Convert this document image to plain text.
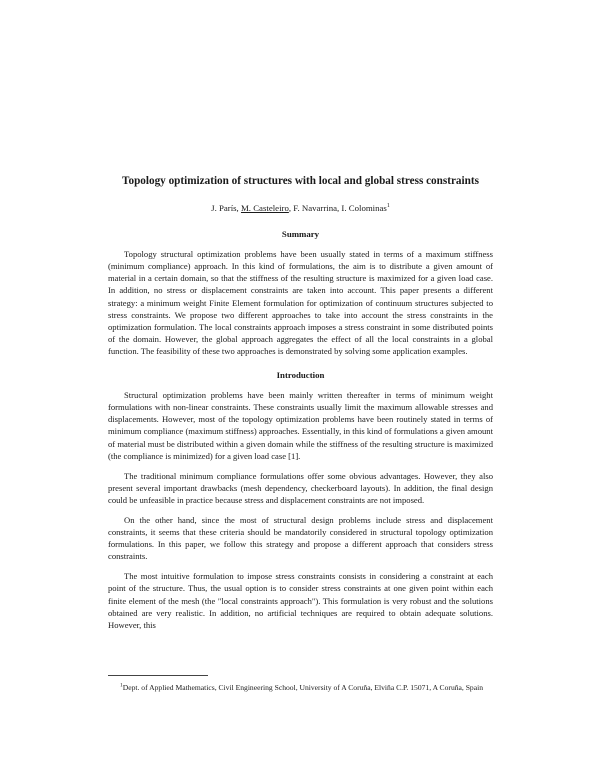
Topology optimization of structures with local and global stress constraints
J. París, M. Casteleiro, F. Navarrina, I. Colominas$^1$
Summary

Topology structural optimization problems have been usually stated in terms of a maximum stiffness (minimum compliance) approach. In this kind of formulations, the aim is to distribute a given amount of material in a certain domain, so that the stiffness of the resulting structure is maximized for a given load case. In addition, no stress or displacement constraints are taken into account. This paper presents a different strategy: a minimum weight Finite Element formulation for optimization of continuum structures subjected to stress constraints. We propose two different approaches to take into account the stress constraints in the optimization formulation. The local constraints approach imposes a stress constraint in some distributed points of the domain. However, the global approach aggregates the effect of all the local constraints in a global function. The feasibility of these two approaches is demonstrated by solving some application examples.

Introduction

Structural optimization problems have been mainly written thereafter in terms of minimum weight formulations with non-linear constraints. These constraints usually limit the maximum allowable stresses and displacements. However, most of the topology optimization problems have been routinely stated in terms of minimum compliance (maximum stiffness) approaches. Essentially, in this kind of formulations a given amount of material must be distributed within a given domain while the stiffness of the resulting structure is maximized (the compliance is minimized) for a given load case [1].

The traditional minimum compliance formulations offer some obvious advantages. However, they also present several important drawbacks (mesh dependency, checkerboard layouts). In addition, the final design could be unfeasible in practice because stress and displacement constraints are not imposed.

On the other hand, since the most of structural design problems include stress and displacement constraints, it seems that these criteria should be mandatorily considered in structural topology optimization formulations. In this paper, we follow this strategy and propose a different approach that considers stress constraints.

The most intuitive formulation to impose stress constraints consists in considering a constraint at each point of the structure. Thus, the usual option is to consider stress constraints at one given point within each finite element of the mesh (the "local constraints approach"). This formulation is very robust and the solutions obtained are very realistic. In addition, no artificial techniques are required to obtain adequate solutions. However, this

$^1$Dept. of Applied Mathematics, Civil Engineering School, University of A Coruña, Elviña C.P. 15071, A Coruña, Spain
